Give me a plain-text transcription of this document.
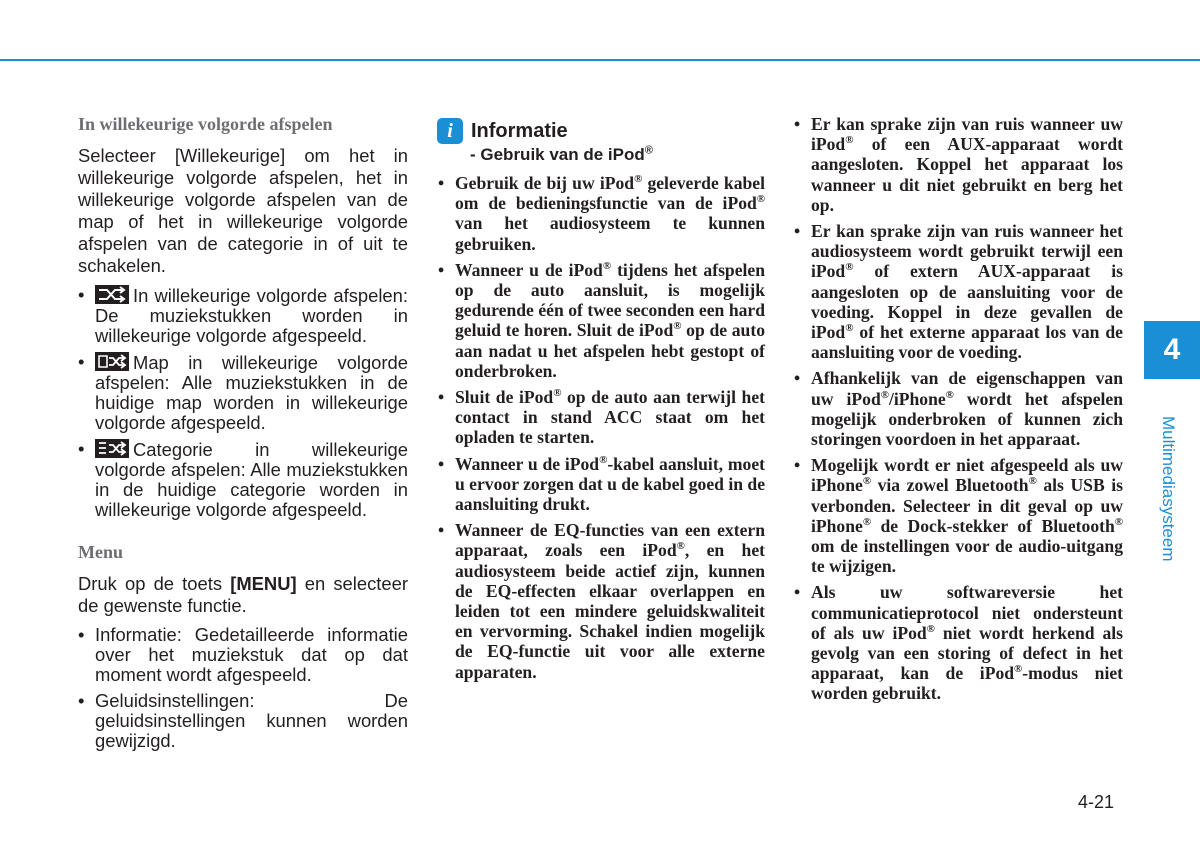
In willekeurige volgorde afspelen

Selecteer [Willekeurige] om het in willekeurige volgorde afspelen, het in willekeurige volgorde afspelen van de map of het in willekeurige volgorde afspelen van de categorie in of uit te schakelen.

• In willekeurige volgorde afspelen: De muziekstukken worden in willekeurige volgorde afgespeeld.
• Map in willekeurige volgorde afspelen: Alle muziekstukken in de huidige map worden in willekeurige volgorde afgespeeld.
• Categorie in willekeurige volgorde afspelen: Alle muziekstukken in de huidige categorie worden in willekeurige volgorde afgespeeld.
Menu

Druk op de toets [MENU] en selecteer de gewenste functie.

• Informatie: Gedetailleerde informatie over het muziekstuk dat op dat moment wordt afgespeeld.
• Geluidsinstellingen: De geluidsinstellingen kunnen worden gewijzigd.
i Informatie
- Gebruik van de iPod®
• Gebruik de bij uw iPod® geleverde kabel om de bedieningsfunctie van de iPod® van het audiosysteem te kunnen gebruiken.
• Wanneer u de iPod® tijdens het afspelen op de auto aansluit, is mogelijk gedurende één of twee seconden een hard geluid te horen. Sluit de iPod® op de auto aan nadat u het afspelen hebt gestopt of onderbroken.
• Sluit de iPod® op de auto aan terwijl het contact in stand ACC staat om het opladen te starten.
• Wanneer u de iPod®-kabel aansluit, moet u ervoor zorgen dat u de kabel goed in de aansluiting drukt.
• Wanneer de EQ-functies van een extern apparaat, zoals een iPod®, en het audiosysteem beide actief zijn, kunnen de EQ-effecten elkaar overlappen en leiden tot een mindere geluidskwaliteit en vervorming. Schakel indien mogelijk de EQ-functie uit voor alle externe apparaten.
• Er kan sprake zijn van ruis wanneer uw iPod® of een AUX-apparaat wordt aangesloten. Koppel het apparaat los wanneer u dit niet gebruikt en berg het op.
• Er kan sprake zijn van ruis wanneer het audiosysteem wordt gebruikt terwijl een iPod® of extern AUX-apparaat is aangesloten op de aansluiting voor de voeding. Koppel in deze gevallen de iPod® of het externe apparaat los van de aansluiting voor de voeding.
• Afhankelijk van de eigenschappen van uw iPod®/iPhone® wordt het afspelen mogelijk onderbroken of kunnen zich storingen voordoen in het apparaat.
• Mogelijk wordt er niet afgespeeld als uw iPhone® via zowel Bluetooth® als USB is verbonden. Selecteer in dit geval op uw iPhone® de Dock-stekker of Bluetooth® om de instellingen voor de audio-uitgang te wijzigen.
• Als uw softwareversie het communicatieprotocol niet ondersteunt of als uw iPod® niet wordt herkend als gevolg van een storing of defect in het apparaat, kan de iPod®-modus niet worden gebruikt.
4
Multimediasysteem
4-21
